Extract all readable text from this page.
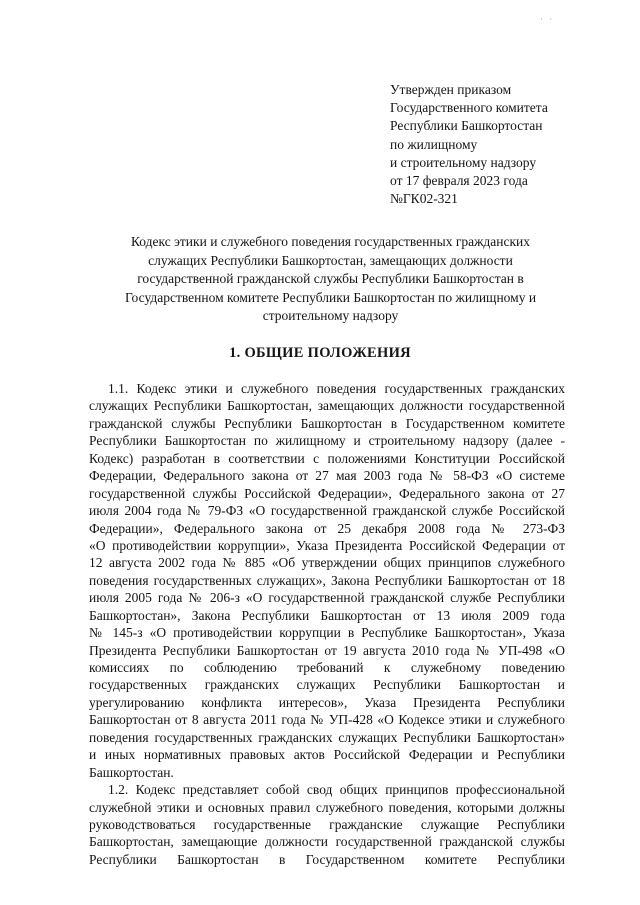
· ·
Утвержден приказом
Государственного комитета
Республики Башкортостан
по жилищному
и строительному надзору
от 17 февраля 2023 года
№ГК02-321
Кодекс этики и служебного поведения государственных гражданских
служащих Республики Башкортостан, замещающих должности
государственной гражданской службы Республики Башкортостан в
Государственном комитете Республики Башкортостан по жилищному и
строительному надзору
1. ОБЩИЕ ПОЛОЖЕНИЯ
1.1. Кодекс этики и служебного поведения государственных гражданских
служащих Республики Башкортостан, замещающих должности государственной
гражданской службы Республики Башкортостан в Государственном комитете
Республики Башкортостан по жилищному и строительному надзору (далее -
Кодекс) разработан в соответствии с положениями Конституции Российской
Федерации, Федерального закона от 27 мая 2003 года № 58-ФЗ «О системе
государственной службы Российской Федерации», Федерального закона от 27
июля 2004 года № 79-ФЗ «О государственной гражданской службе Российской
Федерации», Федерального закона от 25 декабря 2008 года № 273-ФЗ
«О противодействии коррупции», Указа Президента Российской Федерации от
12 августа 2002 года № 885 «Об утверждении общих принципов служебного
поведения государственных служащих», Закона Республики Башкортостан от 18
июля 2005 года № 206-з «О государственной гражданской службе Республики
Башкортостан», Закона Республики Башкортостан от 13 июля 2009 года
№ 145-з «О противодействии коррупции в Республике Башкортостан», Указа
Президента Республики Башкортостан от 19 августа 2010 года № УП-498 «О
комиссиях по соблюдению требований к служебному поведению
государственных гражданских служащих Республики Башкортостан и
урегулированию конфликта интересов», Указа Президента Республики
Башкортостан от 8 августа 2011 года № УП-428 «О Кодексе этики и служебного
поведения государственных гражданских служащих Республики Башкортостан»
и иных нормативных правовых актов Российской Федерации и Республики
Башкортостан.
1.2. Кодекс представляет собой свод общих принципов профессиональной
служебной этики и основных правил служебного поведения, которыми должны
руководствоваться государственные гражданские служащие Республики
Башкортостан, замещающие должности государственной гражданской службы
Республики Башкортостан в Государственном комитете Республики
